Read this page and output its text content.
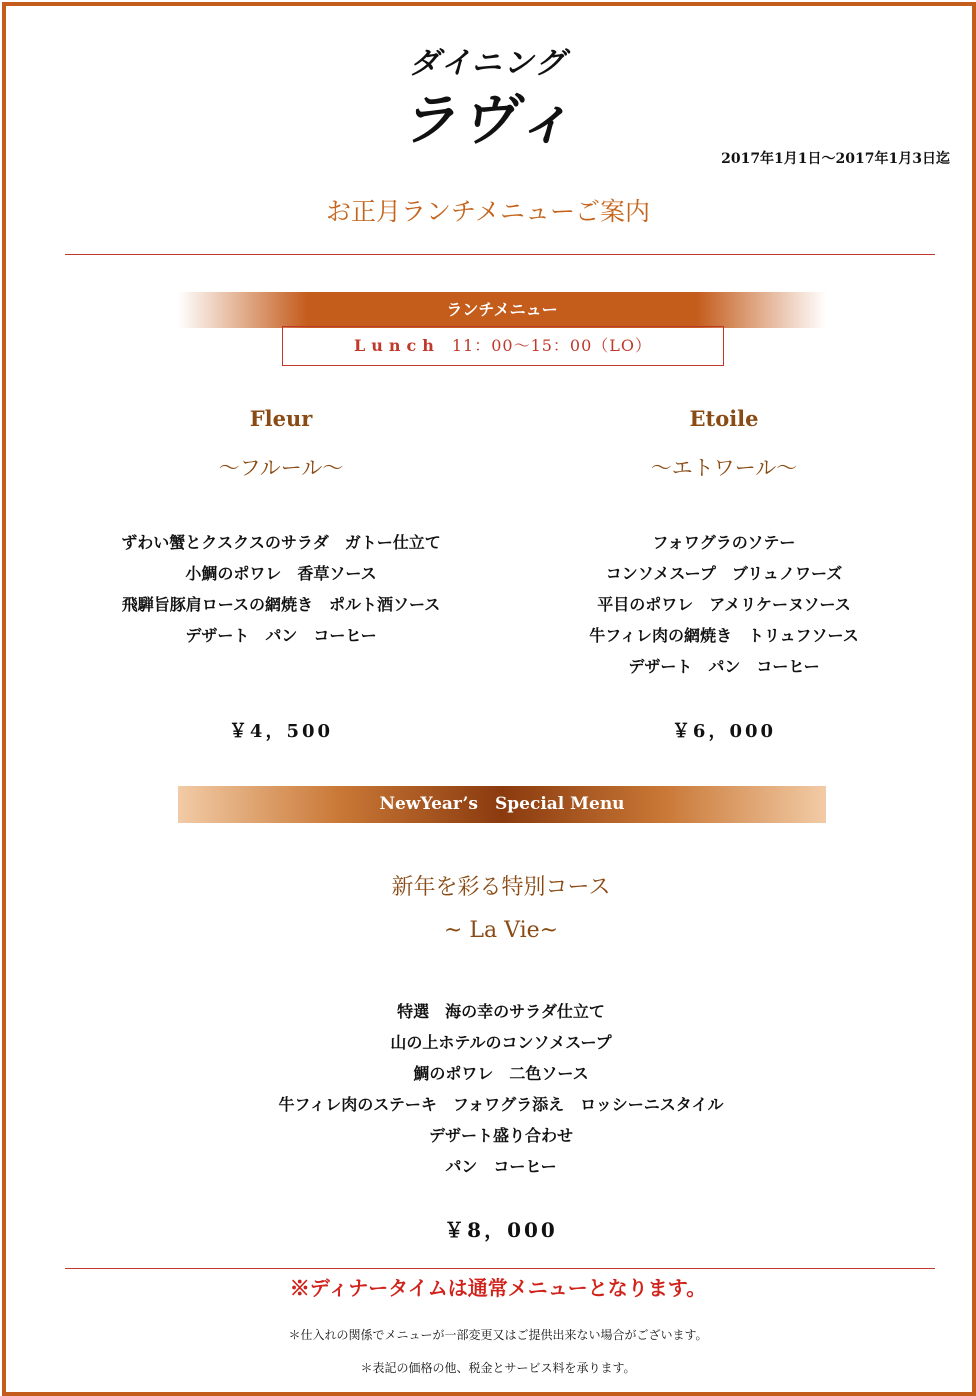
ダイニング
ラヴィ
2017年1月1日～2017年1月3日迄
お正月ランチメニューご案内
ランチメニュー
Lunch 11：00～15：00（LO）
Fleur
～フルール～
ずわい蟹とクスクスのサラダ　ガトー仕立て
小鯛のポワレ　香草ソース
飛騨旨豚肩ロースの網焼き　ポルト酒ソース
デザート　パン　コーヒー
￥4，500
Etoile
～エトワール～
フォワグラのソテー
コンソメスープ　ブリュノワーズ
平目のポワレ　アメリケーヌソース
牛フィレ肉の網焼き　トリュフソース
デザート　パン　コーヒー
￥6，000
NewYear’s　Special Menu
新年を彩る特別コース
~ La Vie~
特選　海の幸のサラダ仕立て
山の上ホテルのコンソメスープ
鯛のポワレ　二色ソース
牛フィレ肉のステーキ　フォワグラ添え　ロッシーニスタイル
デザート盛り合わせ
パン　コーヒー
￥8，000
※ディナータイムは通常メニューとなります。
＊仕入れの関係でメニューが一部変更又はご提供出来ない場合がございます。
＊表記の価格の他、税金とサービス料を承ります。
